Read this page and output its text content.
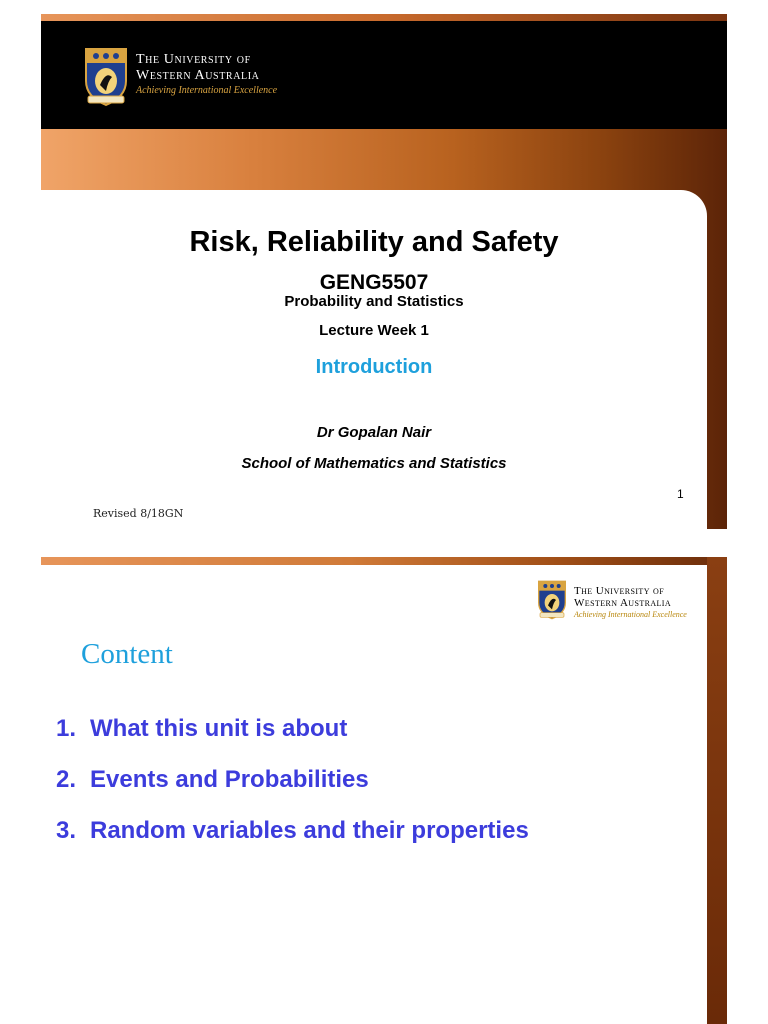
The University of
Western Australia
Achieving International Excellence
Risk, Reliability and Safety
GENG5507
Probability and Statistics
Lecture Week 1
Introduction
Dr Gopalan Nair
School of Mathematics and Statistics
1
Revised 8/18GN
The University of
Western Australia
Achieving International Excellence
Content
1. What this unit is about
2. Events and Probabilities
3. Random variables and their properties
